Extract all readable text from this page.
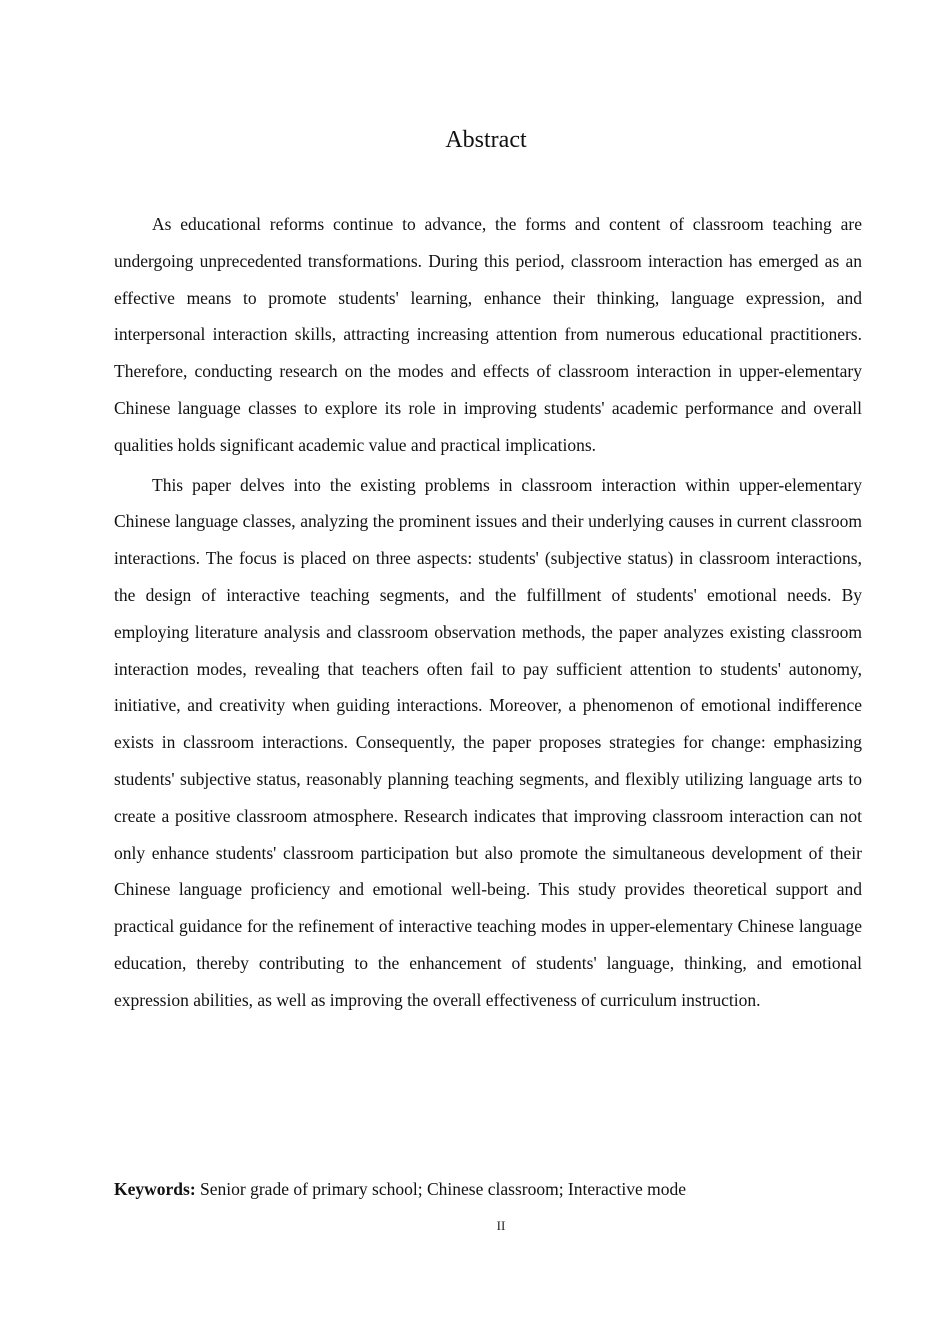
Abstract

As educational reforms continue to advance, the forms and content of classroom teaching are undergoing unprecedented transformations. During this period, classroom interaction has emerged as an effective means to promote students' learning, enhance their thinking, language expression, and interpersonal interaction skills, attracting increasing attention from numerous educational practitioners. Therefore, conducting research on the modes and effects of classroom interaction in upper-elementary Chinese language classes to explore its role in improving students' academic performance and overall qualities holds significant academic value and practical implications.

This paper delves into the existing problems in classroom interaction within upper-elementary Chinese language classes, analyzing the prominent issues and their underlying causes in current classroom interactions. The focus is placed on three aspects: students' (subjective status) in classroom interactions, the design of interactive teaching segments, and the fulfillment of students' emotional needs. By employing literature analysis and classroom observation methods, the paper analyzes existing classroom interaction modes, revealing that teachers often fail to pay sufficient attention to students' autonomy, initiative, and creativity when guiding interactions. Moreover, a phenomenon of emotional indifference exists in classroom interactions. Consequently, the paper proposes strategies for change: emphasizing students' subjective status, reasonably planning teaching segments, and flexibly utilizing language arts to create a positive classroom atmosphere. Research indicates that improving classroom interaction can not only enhance students' classroom participation but also promote the simultaneous development of their Chinese language proficiency and emotional well-being. This study provides theoretical support and practical guidance for the refinement of interactive teaching modes in upper-elementary Chinese language education, thereby contributing to the enhancement of students' language, thinking, and emotional expression abilities, as well as improving the overall effectiveness of curriculum instruction.

Keywords: Senior grade of primary school; Chinese classroom; Interactive mode

II
